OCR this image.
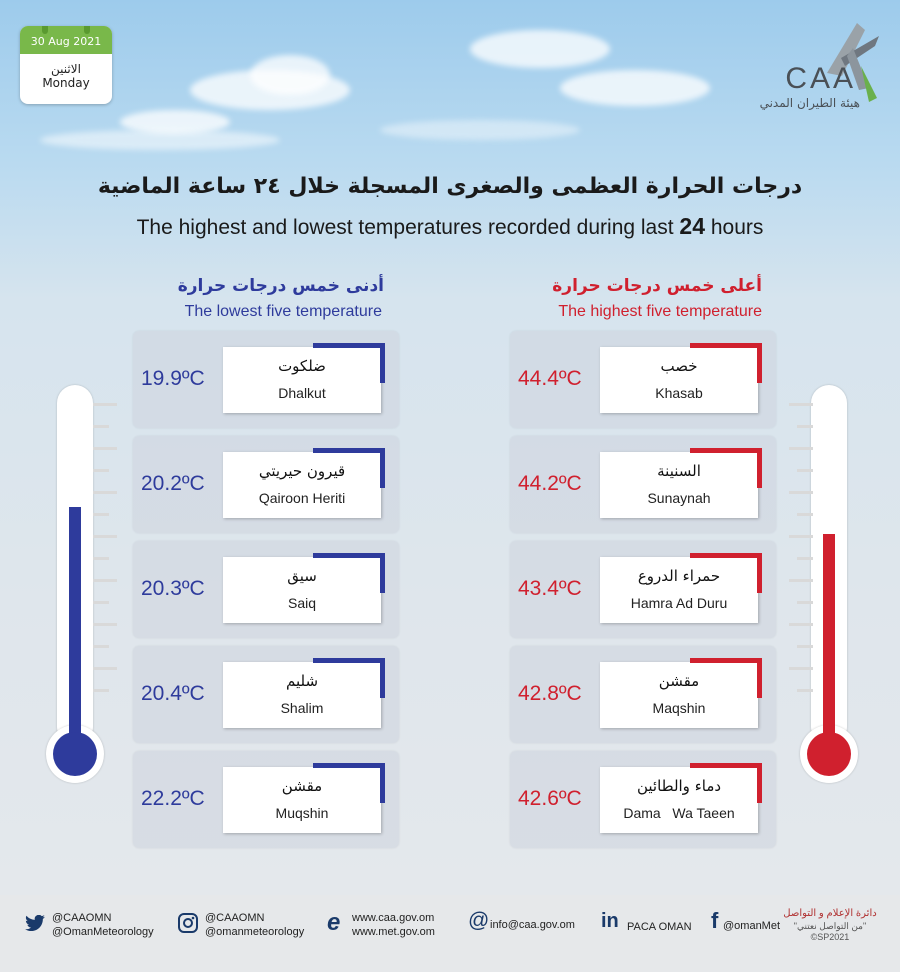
30 Aug 2021
الاثنين
Monday	CAA
هيئة الطيران المدني
درجات الحرارة العظمى والصغرى المسجلة خلال ٢٤ ساعة الماضية
The highest and lowest temperatures recorded during last 24 hours
أدنى خمس درجات حرارة
The lowest five temperature
أعلى خمس درجات حرارة
The highest five temperature
19.9ºC
ضلكوت
Dhalkut
20.2ºC
قيرون حيريتي
Qairoon Heriti
20.3ºC
سيق
Saiq
20.4ºC
شليم
Shalim
22.2ºC
مقشن
Muqshin
44.4ºC
خصب
Khasab
44.2ºC
السنينة
Sunaynah
43.4ºC
حمراء الدروع
Hamra Ad Duru
42.8ºC
مقشن
Maqshin
42.6ºC
دماء والطائين
Dama   Wa Taeen
@CAAOMN
@OmanMeteorology
@CAAOMN
@omanmeteorology e www.caa.gov.om
www.met.gov.om @ info@caa.gov.om in PACA OMAN f @omanMet
دائرة الإعلام و التواصل
"من التواصل نعتني"
©SP2021
